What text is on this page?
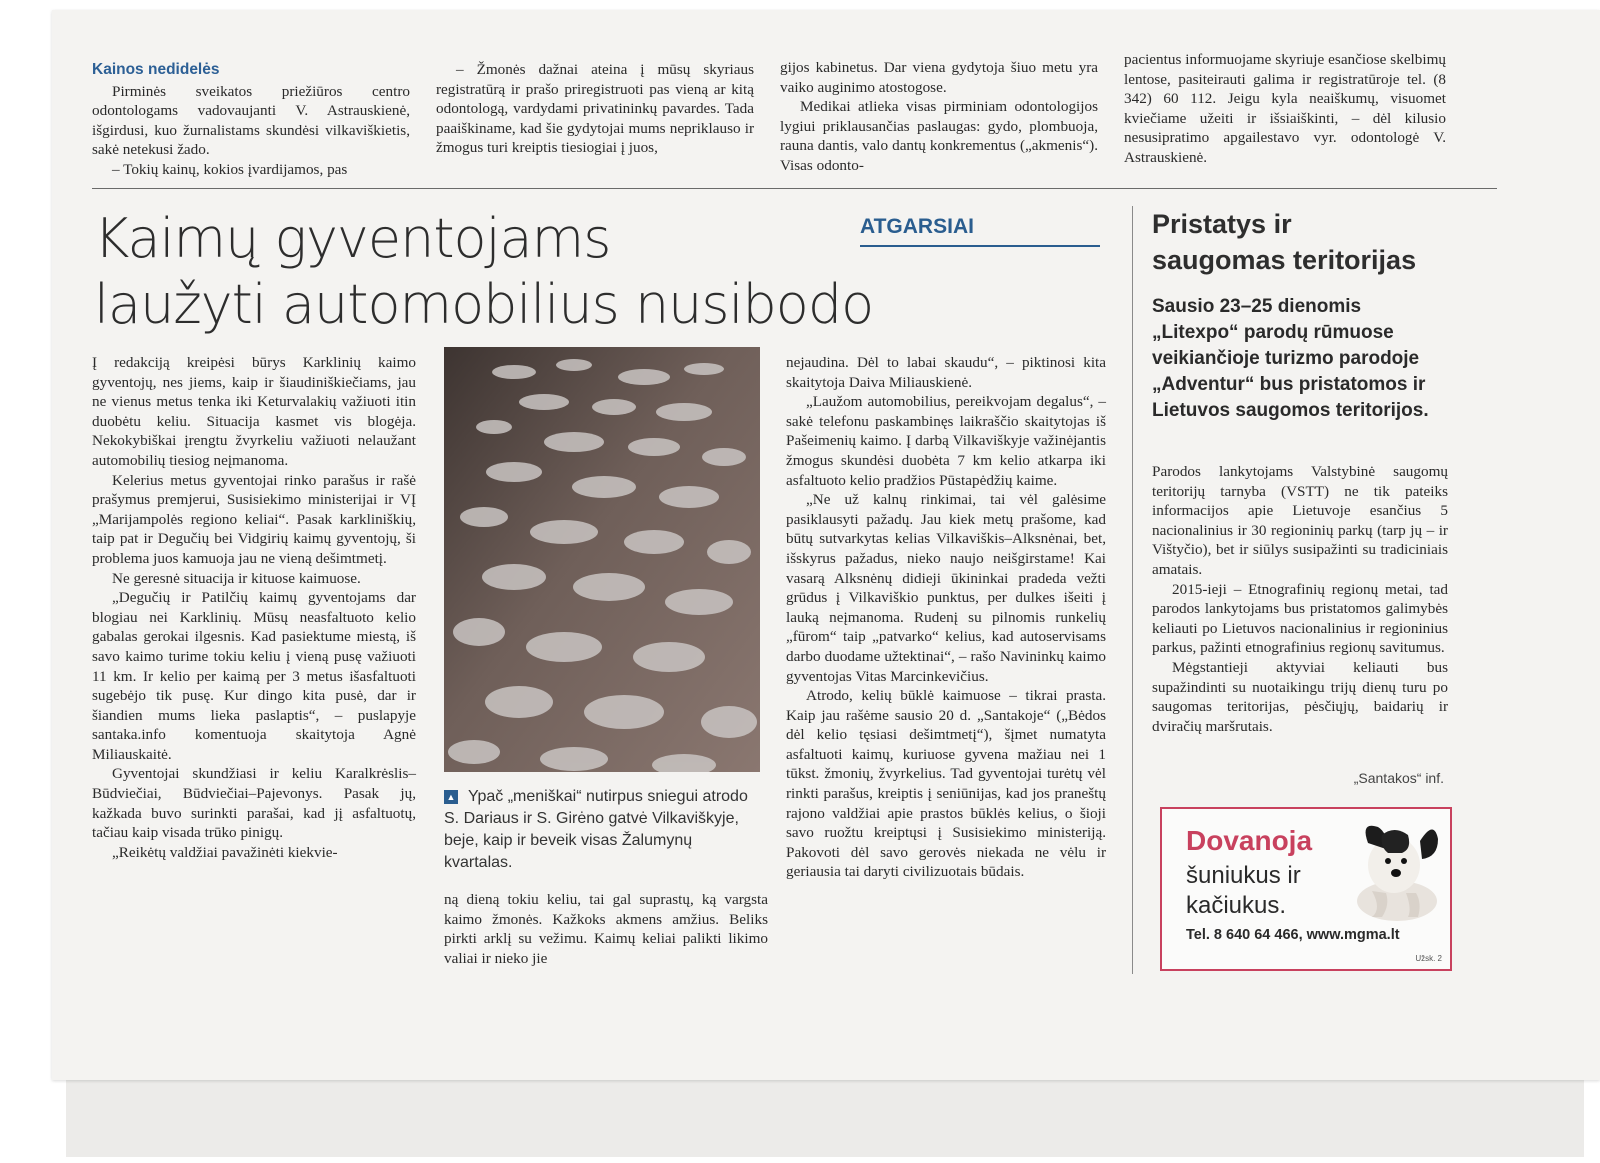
Kainos nedidelės

Pirminės sveikatos priežiūros centro odontologams vadovaujanti V. Astrauskienė, išgirdusi, kuo žurnalistams skundėsi vilkaviškietis, sakė netekusi žado.

– Tokių kainų, kokios įvardijamos, pas

– Žmonės dažnai ateina į mūsų skyriaus registratūrą ir prašo priregistruoti pas vieną ar kitą odontologą, vardydami privatininkų pavardes. Tada paaiškiname, kad šie gydytojai mums nepriklauso ir žmogus turi kreiptis tiesiogiai į juos,

gijos kabinetus. Dar viena gydytoja šiuo metu yra vaiko auginimo atostogose.

Medikai atlieka visas pirminiam odontologijos lygiui priklausančias paslaugas: gydo, plombuoja, rauna dantis, valo dantų konkrementus („akmenis“). Visas odonto-

pacientus informuojame skyriuje esančiose skelbimų lentose, pasiteirauti galima ir registratūroje tel. (8 342) 60 112. Jeigu kyla neaiškumų, visuomet kviečiame užeiti ir išsiaiškinti, – dėl kilusio nesusipratimo apgailestavo vyr. odontologė V. Astrauskienė.

Kaimų gyventojams
laužyti automobilius nusibodo
ATGARSIAI

Į redakciją kreipėsi būrys Karklinių kaimo gyventojų, nes jiems, kaip ir šiaudiniškiečiams, jau ne vienus metus tenka iki Keturvalakių važiuoti itin duobėtu keliu. Situacija kasmet vis blogėja. Nekokybiškai įrengtu žvyrkeliu važiuoti nelaužant automobilių tiesiog neįmanoma.

Kelerius metus gyventojai rinko parašus ir rašė prašymus premjerui, Susisiekimo ministerijai ir VĮ „Marijampolės regiono keliai“. Pasak karkliniškių, taip pat ir Degučių bei Vidgirių kaimų gyventojų, ši problema juos kamuoja jau ne vieną dešimtmetį.

Ne geresnė situacija ir kituose kaimuose.

„Degučių ir Patilčių kaimų gyventojams dar blogiau nei Karklinių. Mūsų neasfaltuoto kelio gabalas gerokai ilgesnis. Kad pasiektume miestą, iš savo kaimo turime tokiu keliu į vieną pusę važiuoti 11 km. Ir kelio per kaimą per 3 metus išasfaltuoti sugebėjo tik pusę. Kur dingo kita pusė, dar ir šiandien mums lieka paslaptis“, – puslapyje santaka.info komentuoja skaitytoja Agnė Miliauskaitė.

Gyventojai skundžiasi ir keliu Karalkrėslis–Būdviečiai, Būdviečiai–Pajevonys. Pasak jų, kažkada buvo surinkti parašai, kad jį asfaltuotų, tačiau kaip visada trūko pinigų.

„Reikėtų valdžiai pavažinėti kiekvie-

▲ Ypač „meniškai“ nutirpus sniegui atrodo S. Dariaus ir S. Girėno gatvė Vilkaviškyje, beje, kaip ir beveik visas Žalumynų kvartalas.

ną dieną tokiu keliu, tai gal suprastų, ką vargsta kaimo žmonės. Kažkoks akmens amžius. Beliks pirkti arklį su vežimu. Kaimų keliai palikti likimo valiai ir nieko jie

nejaudina. Dėl to labai skaudu“, – piktinosi kita skaitytoja Daiva Miliauskienė.

„Laužom automobilius, pereikvojam degalus“, – sakė telefonu paskambinęs laikraščio skaitytojas iš Pašeimenių kaimo. Į darbą Vilkaviškyje važinėjantis žmogus skundėsi duobėta 7 km kelio atkarpa iki asfaltuoto kelio pradžios Pūstapėdžių kaime.

„Ne už kalnų rinkimai, tai vėl galėsime pasiklausyti pažadų. Jau kiek metų prašome, kad būtų sutvarkytas kelias Vilkaviškis–Alksnėnai, bet, išskyrus pažadus, nieko naujo neišgirstame! Kai vasarą Alksnėnų didieji ūkininkai pradeda vežti grūdus į Vilkaviškio punktus, per dulkes išeiti į lauką neįmanoma. Rudenį su pilnomis runkelių „fūrom“ taip „patvarko“ kelius, kad autoservisams darbo duodame užtektinai“, – rašo Navininkų kaimo gyventojas Vitas Marcinkevičius.

Atrodo, kelių būklė kaimuose – tikrai prasta. Kaip jau rašėme sausio 20 d. „Santakoje“ („Bėdos dėl kelio tęsiasi dešimtmetį“), šįmet numatyta asfaltuoti kaimų, kuriuose gyvena mažiau nei 1 tūkst. žmonių, žvyrkelius. Tad gyventojai turėtų vėl rinkti parašus, kreiptis į seniūnijas, kad jos praneštų rajono valdžiai apie prastos būklės kelius, o šioji savo ruožtu kreiptųsi į Susisiekimo ministeriją. Pakovoti dėl savo gerovės niekada ne vėlu ir geriausia tai daryti civilizuotais būdais.

Pristatys ir
saugomas teritorijas
Sausio 23–25 dienomis „Litexpo“ parodų rūmuose veikiančioje turizmo parodoje „Adventur“ bus pristatomos ir Lietuvos saugomos teritorijos.

Parodos lankytojams Valstybinė saugomų teritorijų tarnyba (VSTT) ne tik pateiks informacijos apie Lietuvoje esančius 5 nacionalinius ir 30 regioninių parkų (tarp jų – ir Vištyčio), bet ir siūlys susipažinti su tradiciniais amatais.

2015-ieji – Etnografinių regionų metai, tad parodos lankytojams bus pristatomos galimybės keliauti po Lietuvos nacionalinius ir regioninius parkus, pažinti etnografinius regionų savitumus.

Mėgstantieji aktyviai keliauti bus supažindinti su nuotaikingu trijų dienų turu po saugomas teritorijas, pėsčiųjų, baidarių ir dviračių maršrutais.

„Santakos“ inf.
Dovanoja
šuniukus ir kačiukus.
Tel. 8 640 64 466, www.mgma.lt
Užsk. 2
